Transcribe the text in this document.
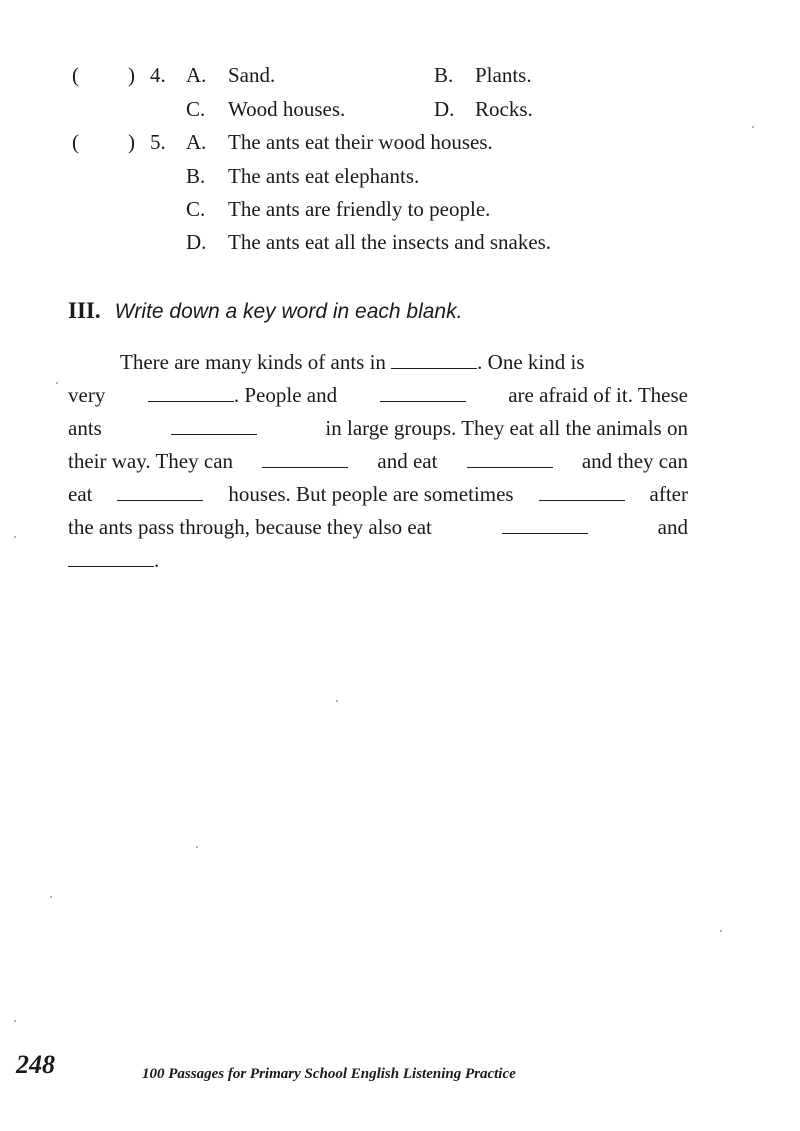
( ) 4. A. Sand.	B. Plants.
C. Wood houses.	D. Rocks.
( ) 5. A. The ants eat their wood houses.
B. The ants eat elephants.
C. The ants are friendly to people.
D. The ants eat all the insects and snakes.
III. Write down a key word in each blank.
There are many kinds of ants in	. One kind is
very	. People and	are afraid of it. These
ants	in large groups. They eat all the animals on
their way. They can	and eat	and they can
eat	houses. But people are sometimes	after
the ants pass through, because they also eat	and
.
248	100 Passages for Primary School English Listening Practice
